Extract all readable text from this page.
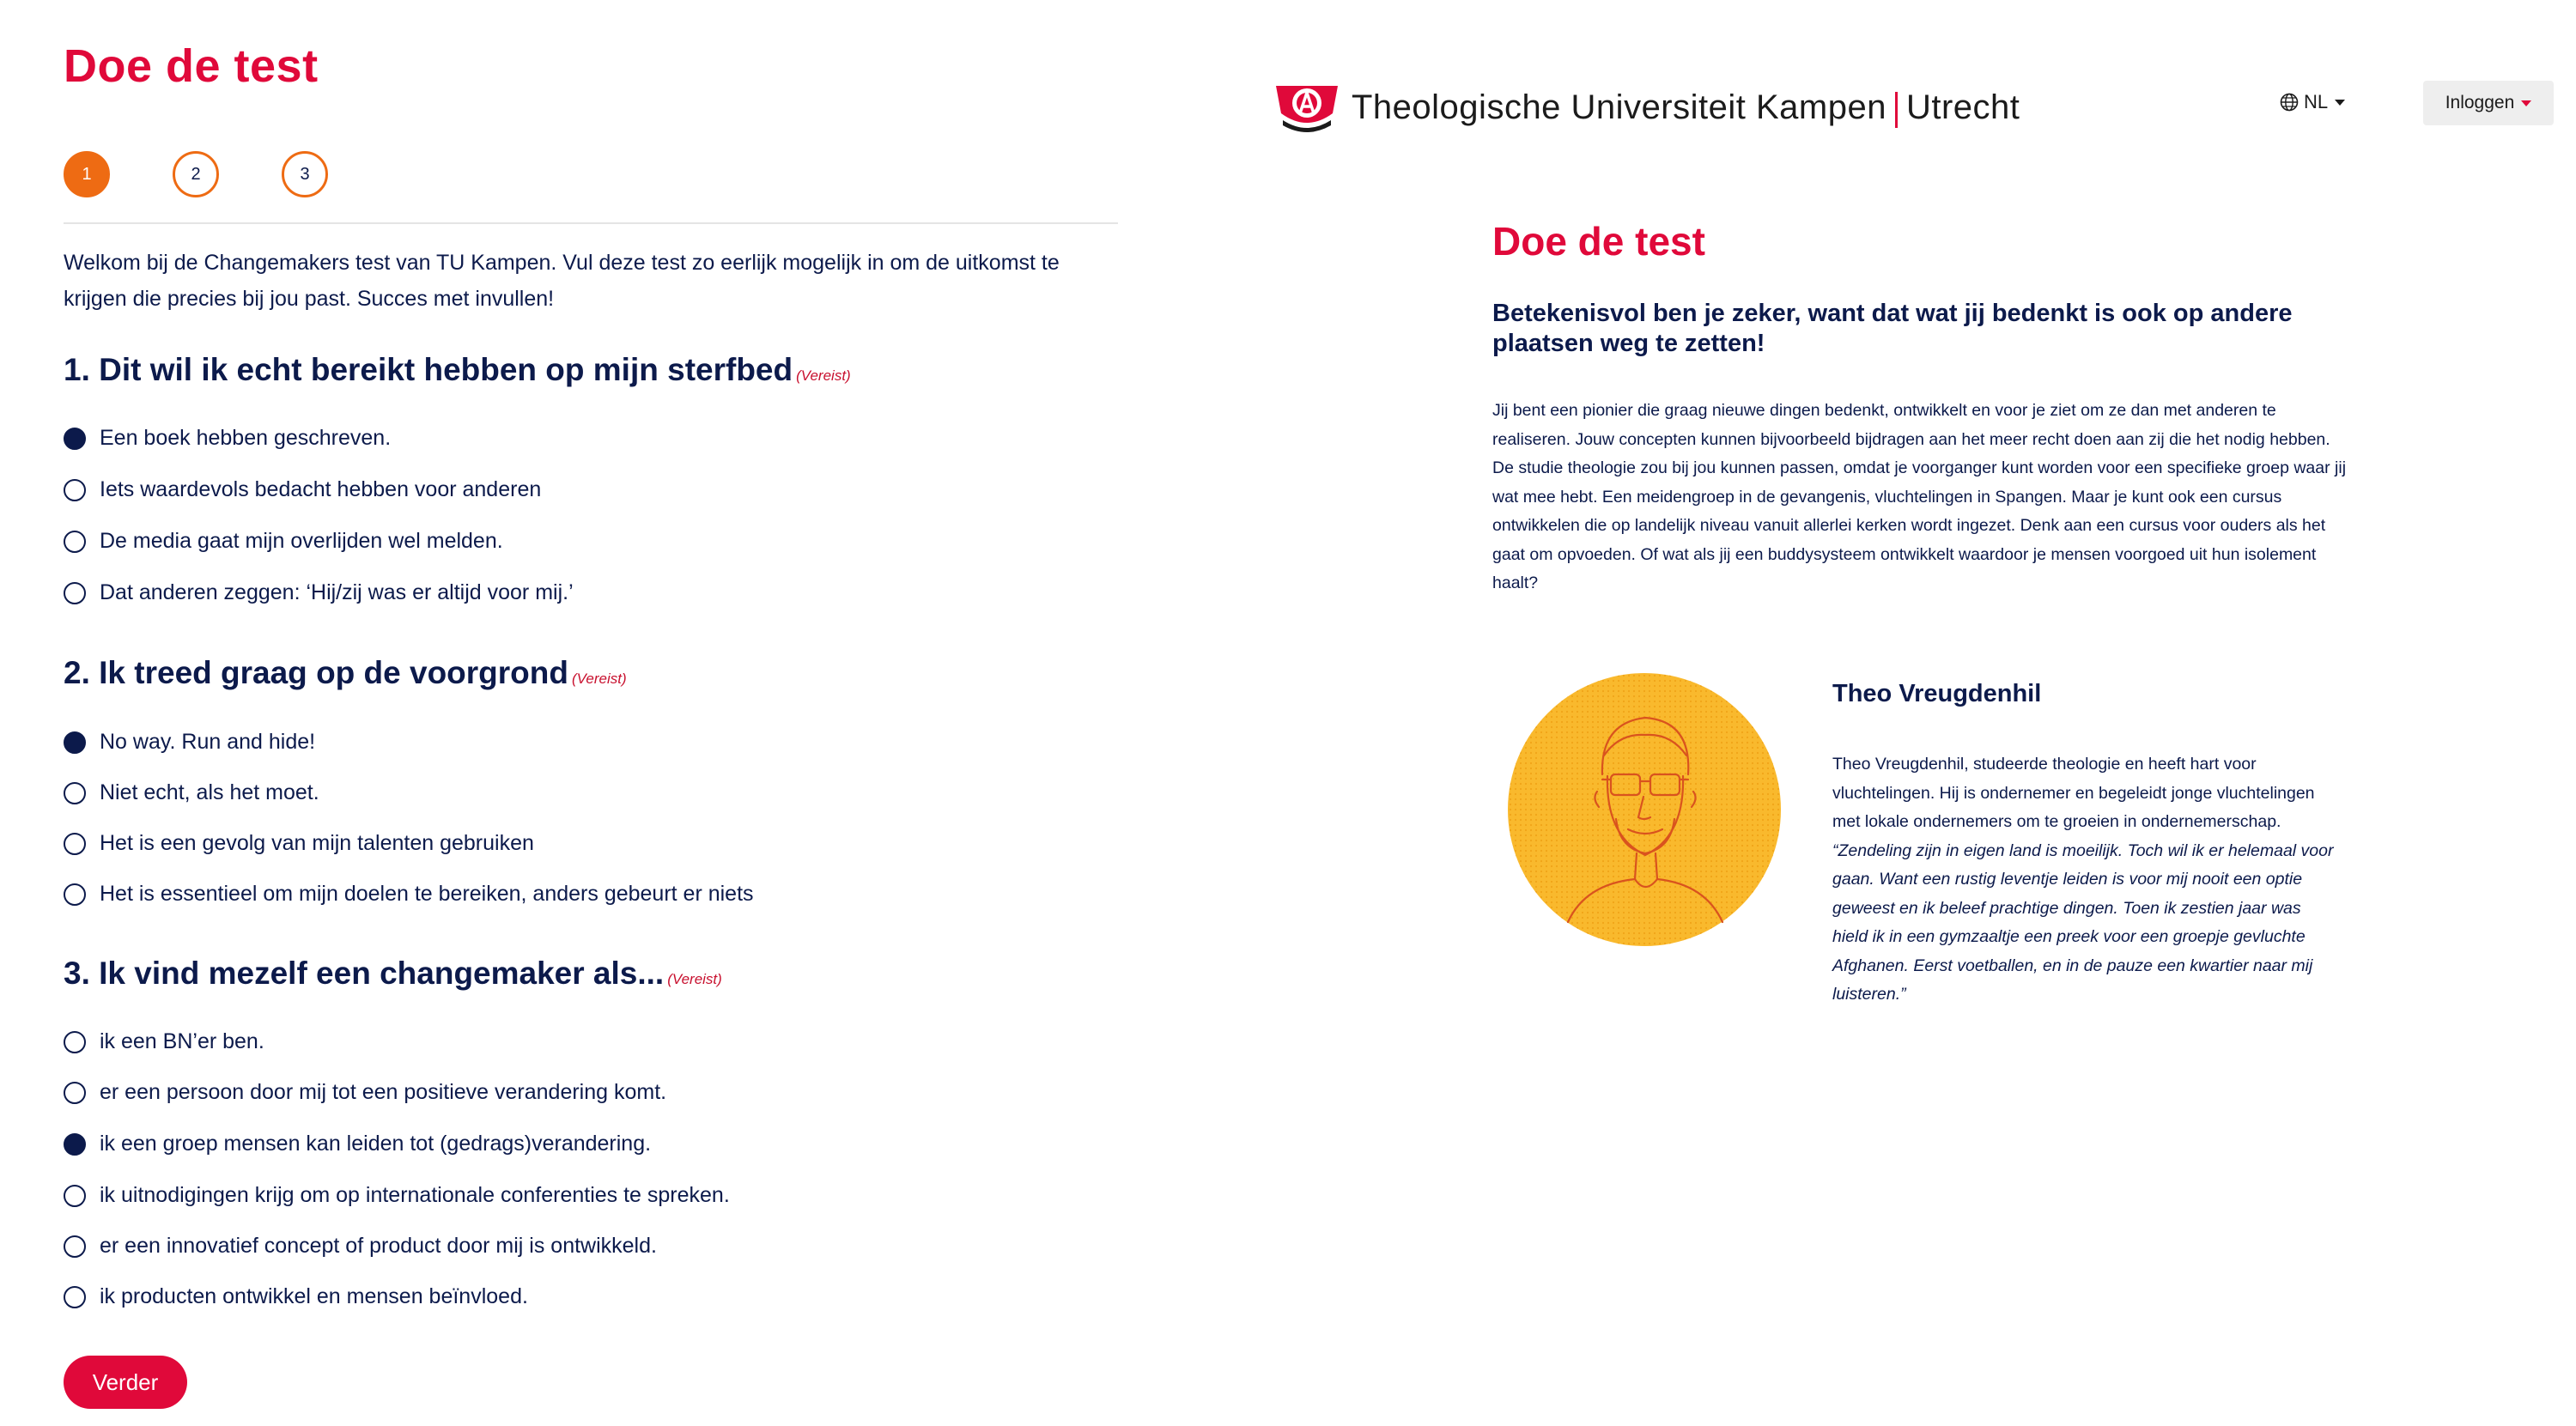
Doe de test
1	2	3

Welkom bij de Changemakers test van TU Kampen. Vul deze test zo eerlijk mogelijk in om de uitkomst te krijgen die precies bij jou past. Succes met invullen!

1. Dit wil ik echt bereikt hebben op mijn sterfbed (Vereist)
Een boek hebben geschreven.
Iets waardevols bedacht hebben voor anderen
De media gaat mijn overlijden wel melden.
Dat anderen zeggen: ‘Hij/zij was er altijd voor mij.’
2. Ik treed graag op de voorgrond (Vereist)
No way. Run and hide!
Niet echt, als het moet.
Het is een gevolg van mijn talenten gebruiken
Het is essentieel om mijn doelen te bereiken, anders gebeurt er niets
3. Ik vind mezelf een changemaker als... (Vereist)
ik een BN’er ben.
er een persoon door mij tot een positieve verandering komt.
ik een groep mensen kan leiden tot (gedrags)verandering.
ik uitnodigingen krijg om op internationale conferenties te spreken.
er een innovatief concept of product door mij is ontwikkeld.
ik producten ontwikkel en mensen beïnvloed.
Verder
Theologische Universiteit Kampen Utrecht	NL	Inloggen
Doe de test
Betekenisvol ben je zeker, want dat wat jij bedenkt is ook op andere plaatsen weg te zetten!

Jij bent een pionier die graag nieuwe dingen bedenkt, ontwikkelt en voor je ziet om ze dan met anderen te realiseren. Jouw concepten kunnen bijvoorbeeld bijdragen aan het meer recht doen aan zij die het nodig hebben.

De studie theologie zou bij jou kunnen passen, omdat je voorganger kunt worden voor een specifieke groep waar jij wat mee hebt. Een meidengroep in de gevangenis, vluchtelingen in Spangen. Maar je kunt ook een cursus ontwikkelen die op landelijk niveau vanuit allerlei kerken wordt ingezet. Denk aan een cursus voor ouders als het gaat om opvoeden. Of wat als jij een buddysysteem ontwikkelt waardoor je mensen voorgoed uit hun isolement haalt?

Theo Vreugdenhil

Theo Vreugdenhil, studeerde theologie en heeft hart voor vluchtelingen. Hij is ondernemer en begeleidt jonge vluchtelingen met lokale ondernemers om te groeien in ondernemerschap.

“Zendeling zijn in eigen land is moeilijk. Toch wil ik er helemaal voor gaan. Want een rustig leventje leiden is voor mij nooit een optie geweest en ik beleef prachtige dingen. Toen ik zestien jaar was hield ik in een gymzaaltje een preek voor een groepje gevluchte Afghanen. Eerst voetballen, en in de pauze een kwartier naar mij luisteren.”
